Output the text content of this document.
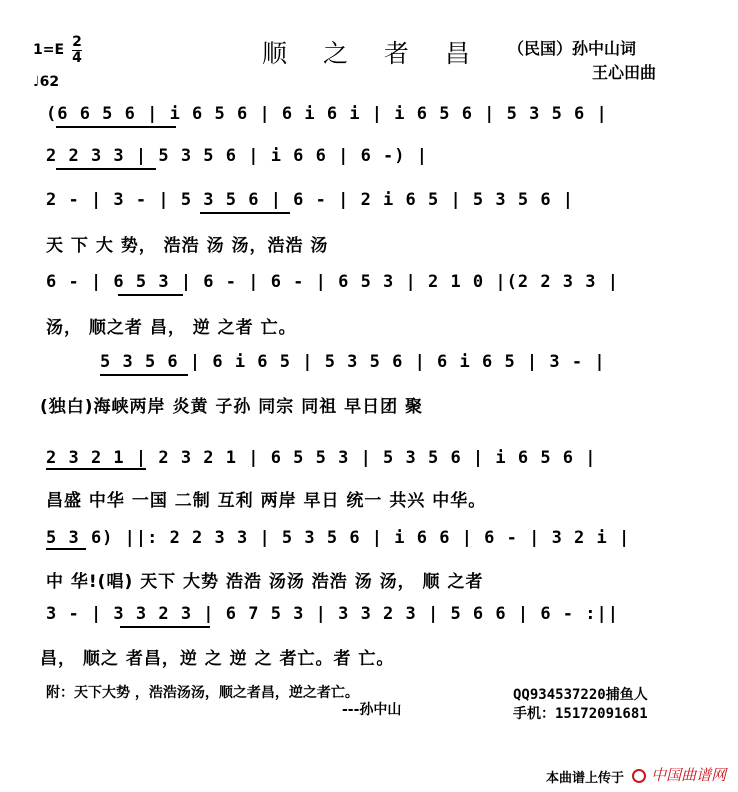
顺 之 者 昌
1=E 2
4
♩62
（民国）孙中山词
王心田曲
(6 6 5 6 | i 6 5 6 | 6 i 6 i | i 6 5 6 | 5 3 5 6 |
2 2 3 3 | 5 3 5 6 | i 6 6 | 6 -) |
2 - | 3 - | 5 3 5 6 | 6 - | 2 i 6 5 | 5 3 5 6 |
天 下 大 势， 浩浩 汤 汤，浩浩 汤
6 - | 6 5 3 | 6 - | 6 - | 6 5 3 | 2 1 0 |(2 2 3 3 |
汤， 顺之者 昌， 逆 之者 亡。
5 3 5 6 | 6 i 6 5 | 5 3 5 6 | 6 i 6 5 | 3 - |
(独白)海峡两岸 炎黄 子孙 同宗 同祖 早日团 聚
2 3 2 1 | 2 3 2 1 | 6 5 5 3 | 5 3 5 6 | i 6 5 6 |
昌盛 中华 一国 二制 互利 两岸 早日 统一 共兴 中华。
5 3 6) ||: 2 2 3 3 | 5 3 5 6 | i 6 6 | 6 - | 3 2 i |
中 华!(唱) 天下 大势 浩浩 汤汤 浩浩 汤 汤， 顺 之者
3 - | 3 3 2 3 | 6 7 5 3 | 3 3 2 3 | 5 6 6 | 6 - :||
昌， 顺之 者昌，逆 之 逆 之 者亡。者 亡。
附：天下大势 ，浩浩汤汤，顺之者昌，逆之者亡。
---孙中山
QQ934537220捕鱼人
手机：15172091681
本曲谱上传于	中国曲谱网
